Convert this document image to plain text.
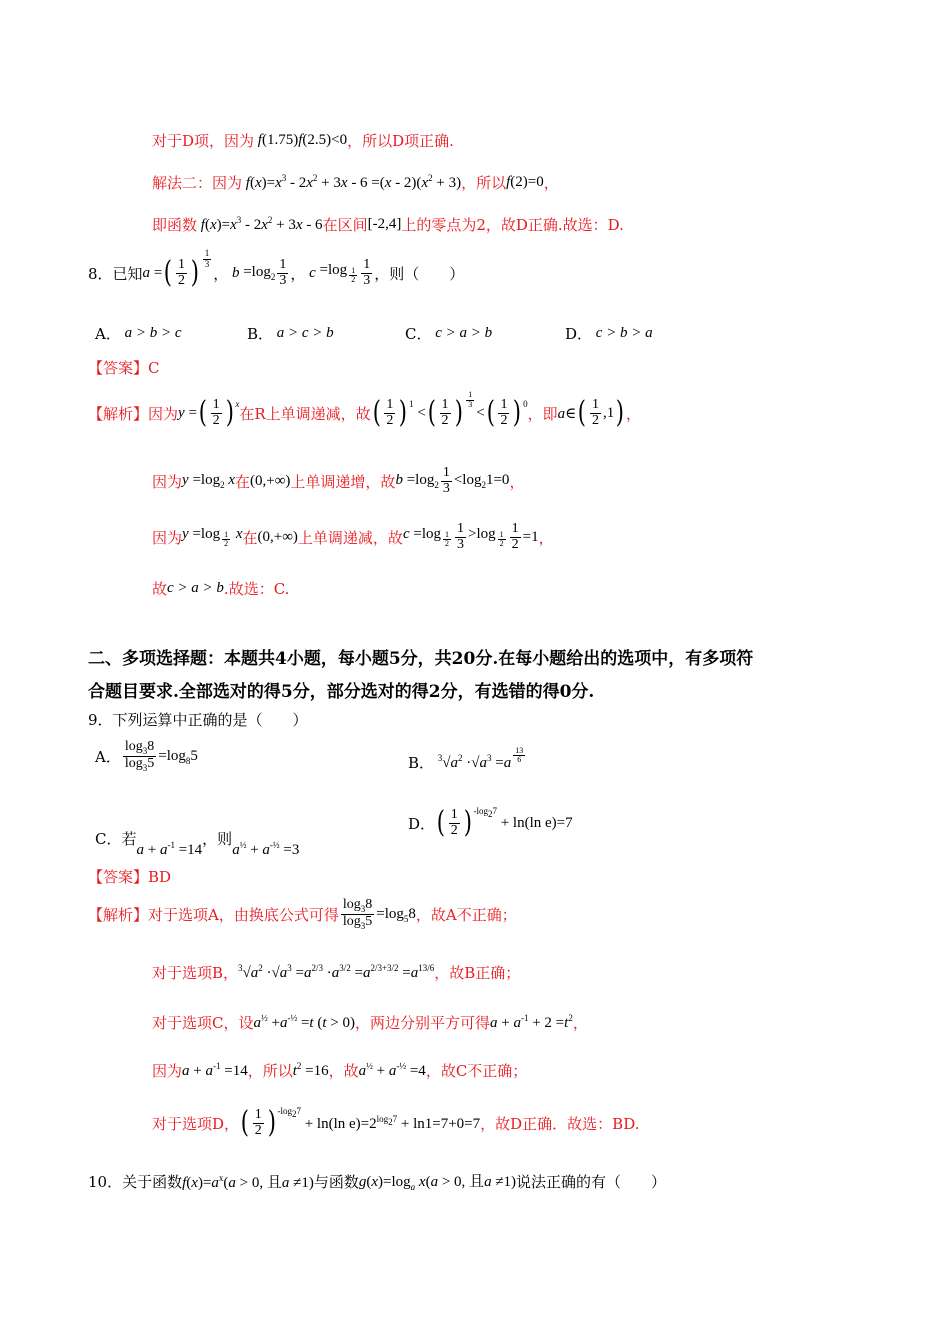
对于D项，因为 f(1.75)f(2.5)<0 ，所以D项正确.
解法二：因为 $f(x)=x^3 - 2x^2 + 3x - 6 =(x - 2)(x^2 + 3)$ ，所以 f(2)=0 ，
即函数 $f(x)=x^3 - 2x^2 + 3x - 6$ 在区间 [-2,4] 上的零点为2，故D正确.故选：D.
8．已知 a = ( $\frac{1}{2}$ ) $\frac{1}{3}$
， $b =\log_2 \frac{1}{3}$ ， c =log $_{\frac{1}{2}} \frac{1}{3}$ ，则（　　）
A． a > b > c	B． a > c > b	C． c > a > b	D． c > b > a
【答案】 C
【解析】 因为 y = ( $\frac{1}{2} )^x$
在R上单调递减，故 ( $\frac{1}{2} )^1$
< ( $\frac{1}{2}$ ) $\frac{1}{3}$
< ( $\frac{1}{2} )^0$
，即 a∈ ( $\frac{1}{2} ,1$ ) ，
因为 $y =\log_2$ x 在 (0,+∞) 上单调递增，故 $b =\log_2 \frac{1}{3} <\log_21=0$ ，
因为 y =log $_{\frac{1}{2}}$ x 在 (0,+∞) 上单调递减，故 c =log $_{\frac{1}{2}} \frac{1}{3} >\log$ $_{\frac{1}{2}} \frac{1}{2} =1$ ，
故 c > a > b .故选：C.
二、多项选择题：本题共4小题，每小题5分，共20分.在每小题给出的选项中，有多项符
合题目要求.全部选对的得5分，部分选对的得2分，有选错的得0分.
9．下列运算中正确的是（　　）
A． $\frac{\log_38}{\log_35} =\log_85$	B． $^3√a^2 \cdot√a^3 =a \frac{13}{6}$
C．若
$a + a^{-1} =14$
，则
$a^{\frac{1}{2}} + a^{-\frac{1}{2}} =3$
D． ( $\frac{1}{2} )^{-log_27}$
+ ln(ln e)=7
【答案】 BD
【解析】 对于选项A，由换底公式可得 $\frac{\log_38}{\log_35} =\log_58$ ，故A不正确；
对于选项B， $^3√a^2 \cdot√a^3 =a^{2/3} \cdot a^{3/2} =a^{2/3+3/2} =a^{13/6}$ ，故B正确；
对于选项C，设 $a^{\frac{1}{2}} +a^{-\frac{1}{2}} =t$ (t > 0) ，两边分别平方可得 $a + a^{-1} + 2 =t^2$ ，
因为 $a + a^{-1} =14$ ，所以 $t^2 =16$ ，故 $a^{\frac{1}{2}} + a^{-\frac{1}{2}} =4$ ，故C不正确；
对于选项D， ( $\frac{1}{2} )^{-log_27}$
+ ln(ln $e)=2^{log_27} + \ln 1=7+0=7$ ，故D正确．故选：BD.
10．关于函数 $f(x)=a^x(a > 0$, 且a ≠1) 与函数 $g(x)=\log_a$ x(a > 0, 且a ≠1) 说法正确的有（　　）
